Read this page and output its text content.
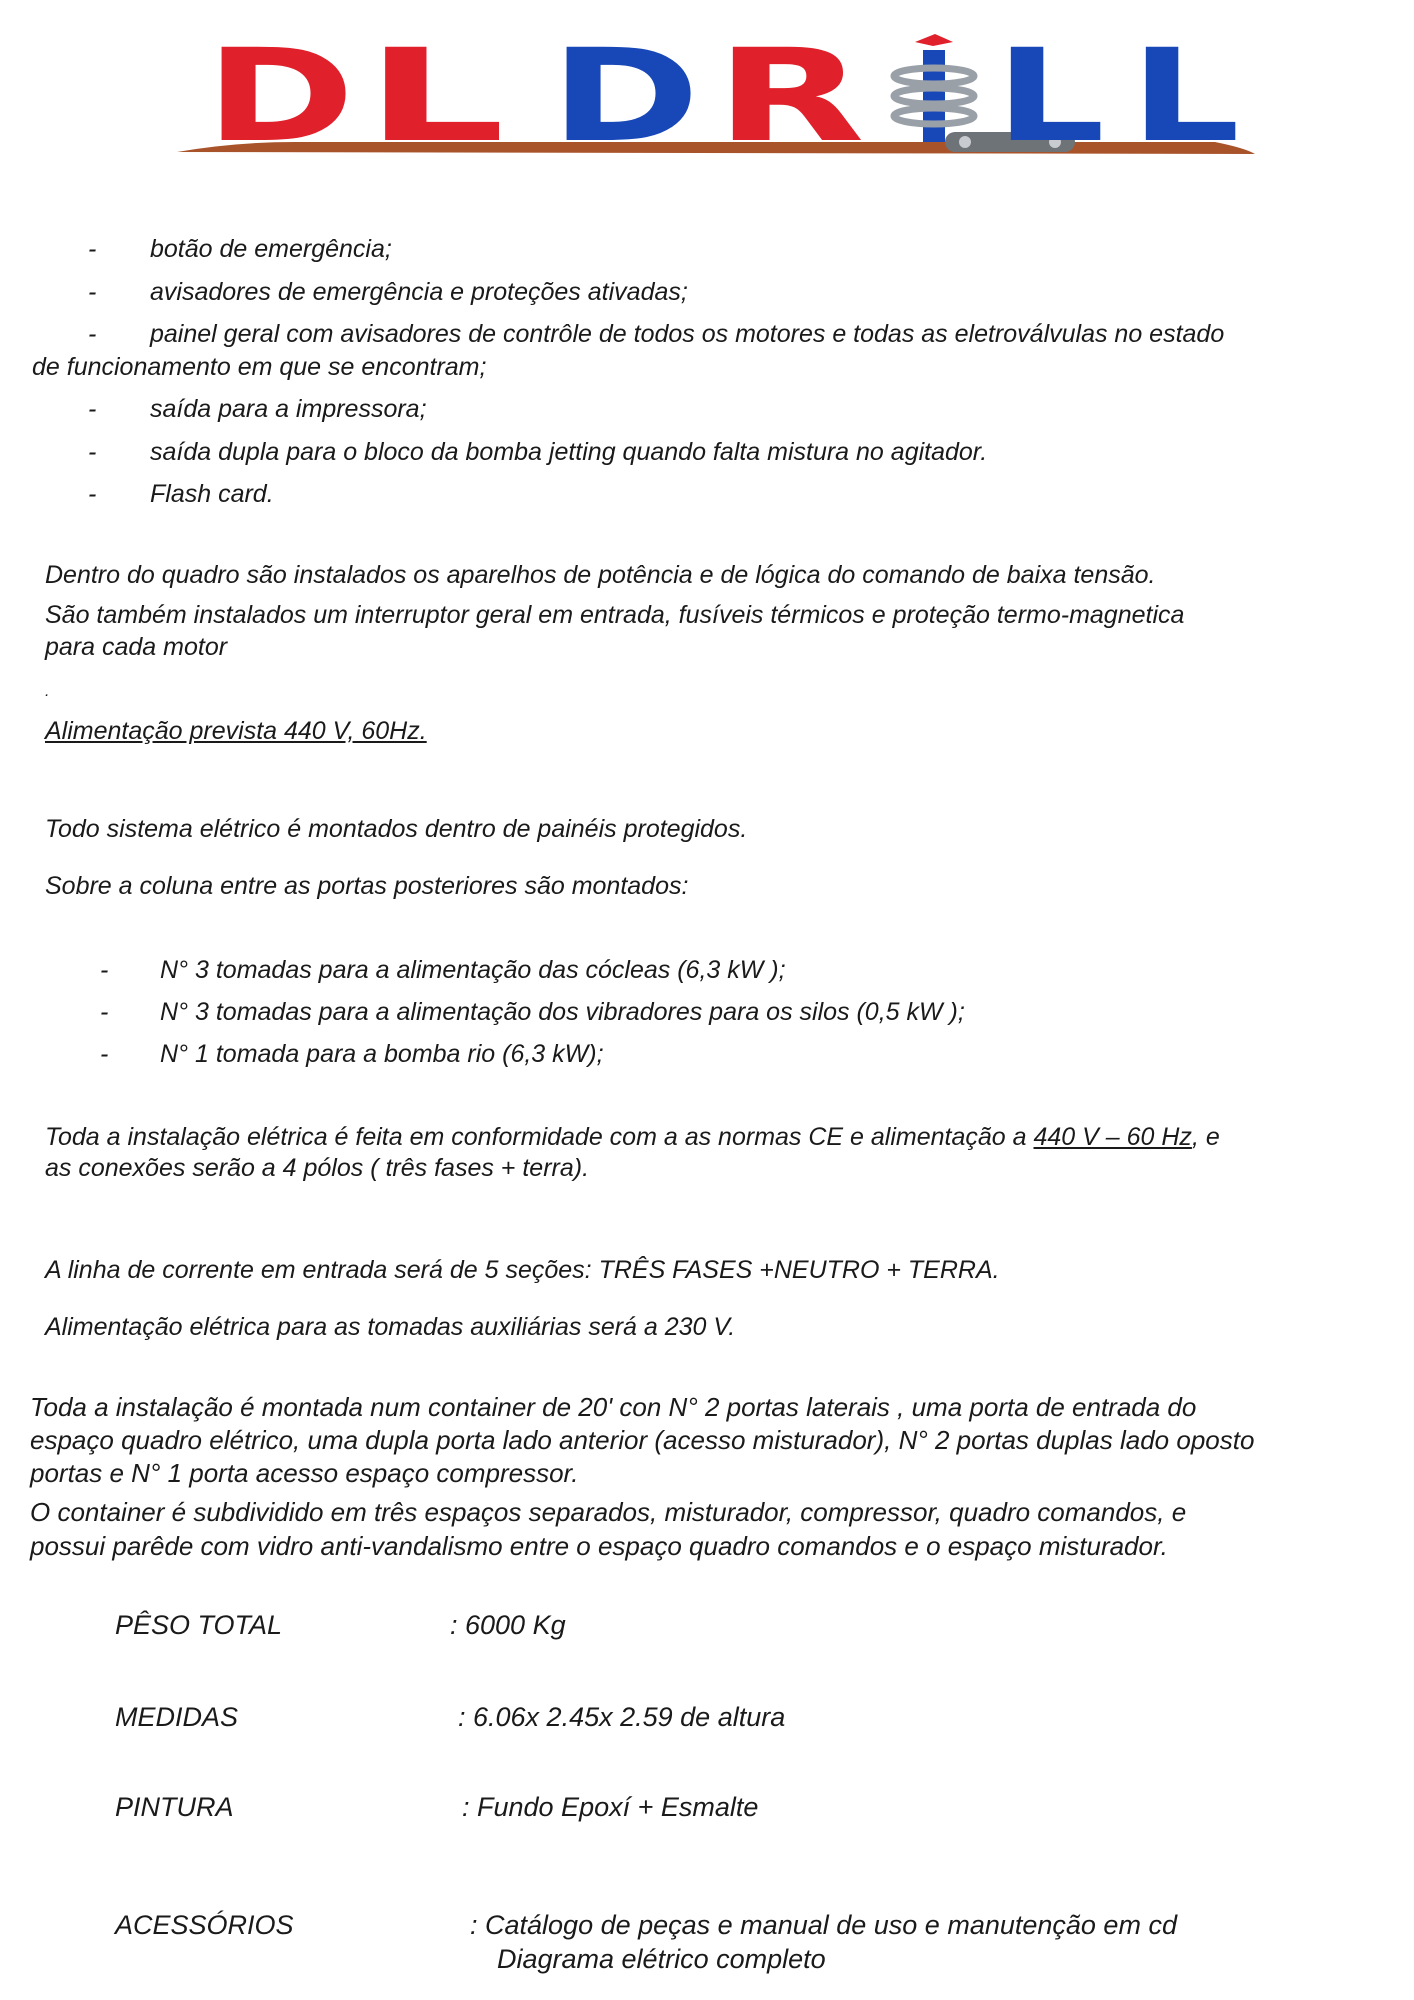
D L D R L L
- botão de emergência;
- avisadores de emergência e proteções ativadas;
- painel geral com avisadores de contrôle de todos os motores e todas as eletroválvulas no estado
de funcionamento em que se encontram;
- saída para a impressora;
- saída dupla para o bloco da bomba jetting quando falta mistura no agitador.
- Flash card.
Dentro do quadro são instalados os aparelhos de potência e de lógica do comando de baixa tensão.
São também instalados um interruptor geral em entrada, fusíveis térmicos e proteção termo-magnetica
para cada motor
.
Alimentação prevista 440 V, 60Hz.
Todo sistema elétrico é montados dentro de painéis protegidos.
Sobre a coluna entre as portas posteriores são montados:
- N° 3 tomadas para a alimentação das cócleas (6,3 kW );
- N° 3 tomadas para a alimentação dos vibradores para os silos (0,5 kW );
- N° 1 tomada para a bomba rio (6,3 kW);
Toda a instalação elétrica é feita em conformidade com a as normas CE e alimentação a 440 V – 60 Hz, e
as conexões serão a 4 pólos ( três fases + terra).
A linha de corrente em entrada será de 5 seções: TRÊS FASES +NEUTRO + TERRA.
Alimentação elétrica para as tomadas auxiliárias será a 230 V.
Toda a instalação é montada num container de 20' con N° 2 portas laterais , uma porta de entrada do
espaço quadro elétrico, uma dupla porta lado anterior (acesso misturador), N° 2 portas duplas lado oposto
portas e N° 1 porta acesso espaço compressor.
O container é subdividido em três espaços separados, misturador, compressor, quadro comandos, e
possui parêde com vidro anti-vandalismo entre o espaço quadro comandos e o espaço misturador.
PÊSO TOTAL	: 6000 Kg
MEDIDAS	: 6.06x 2.45x 2.59 de altura
PINTURA	: Fundo Epoxí + Esmalte
ACESSÓRIOS	: Catálogo de peças e manual de uso e manutenção em cd
Diagrama elétrico completo
